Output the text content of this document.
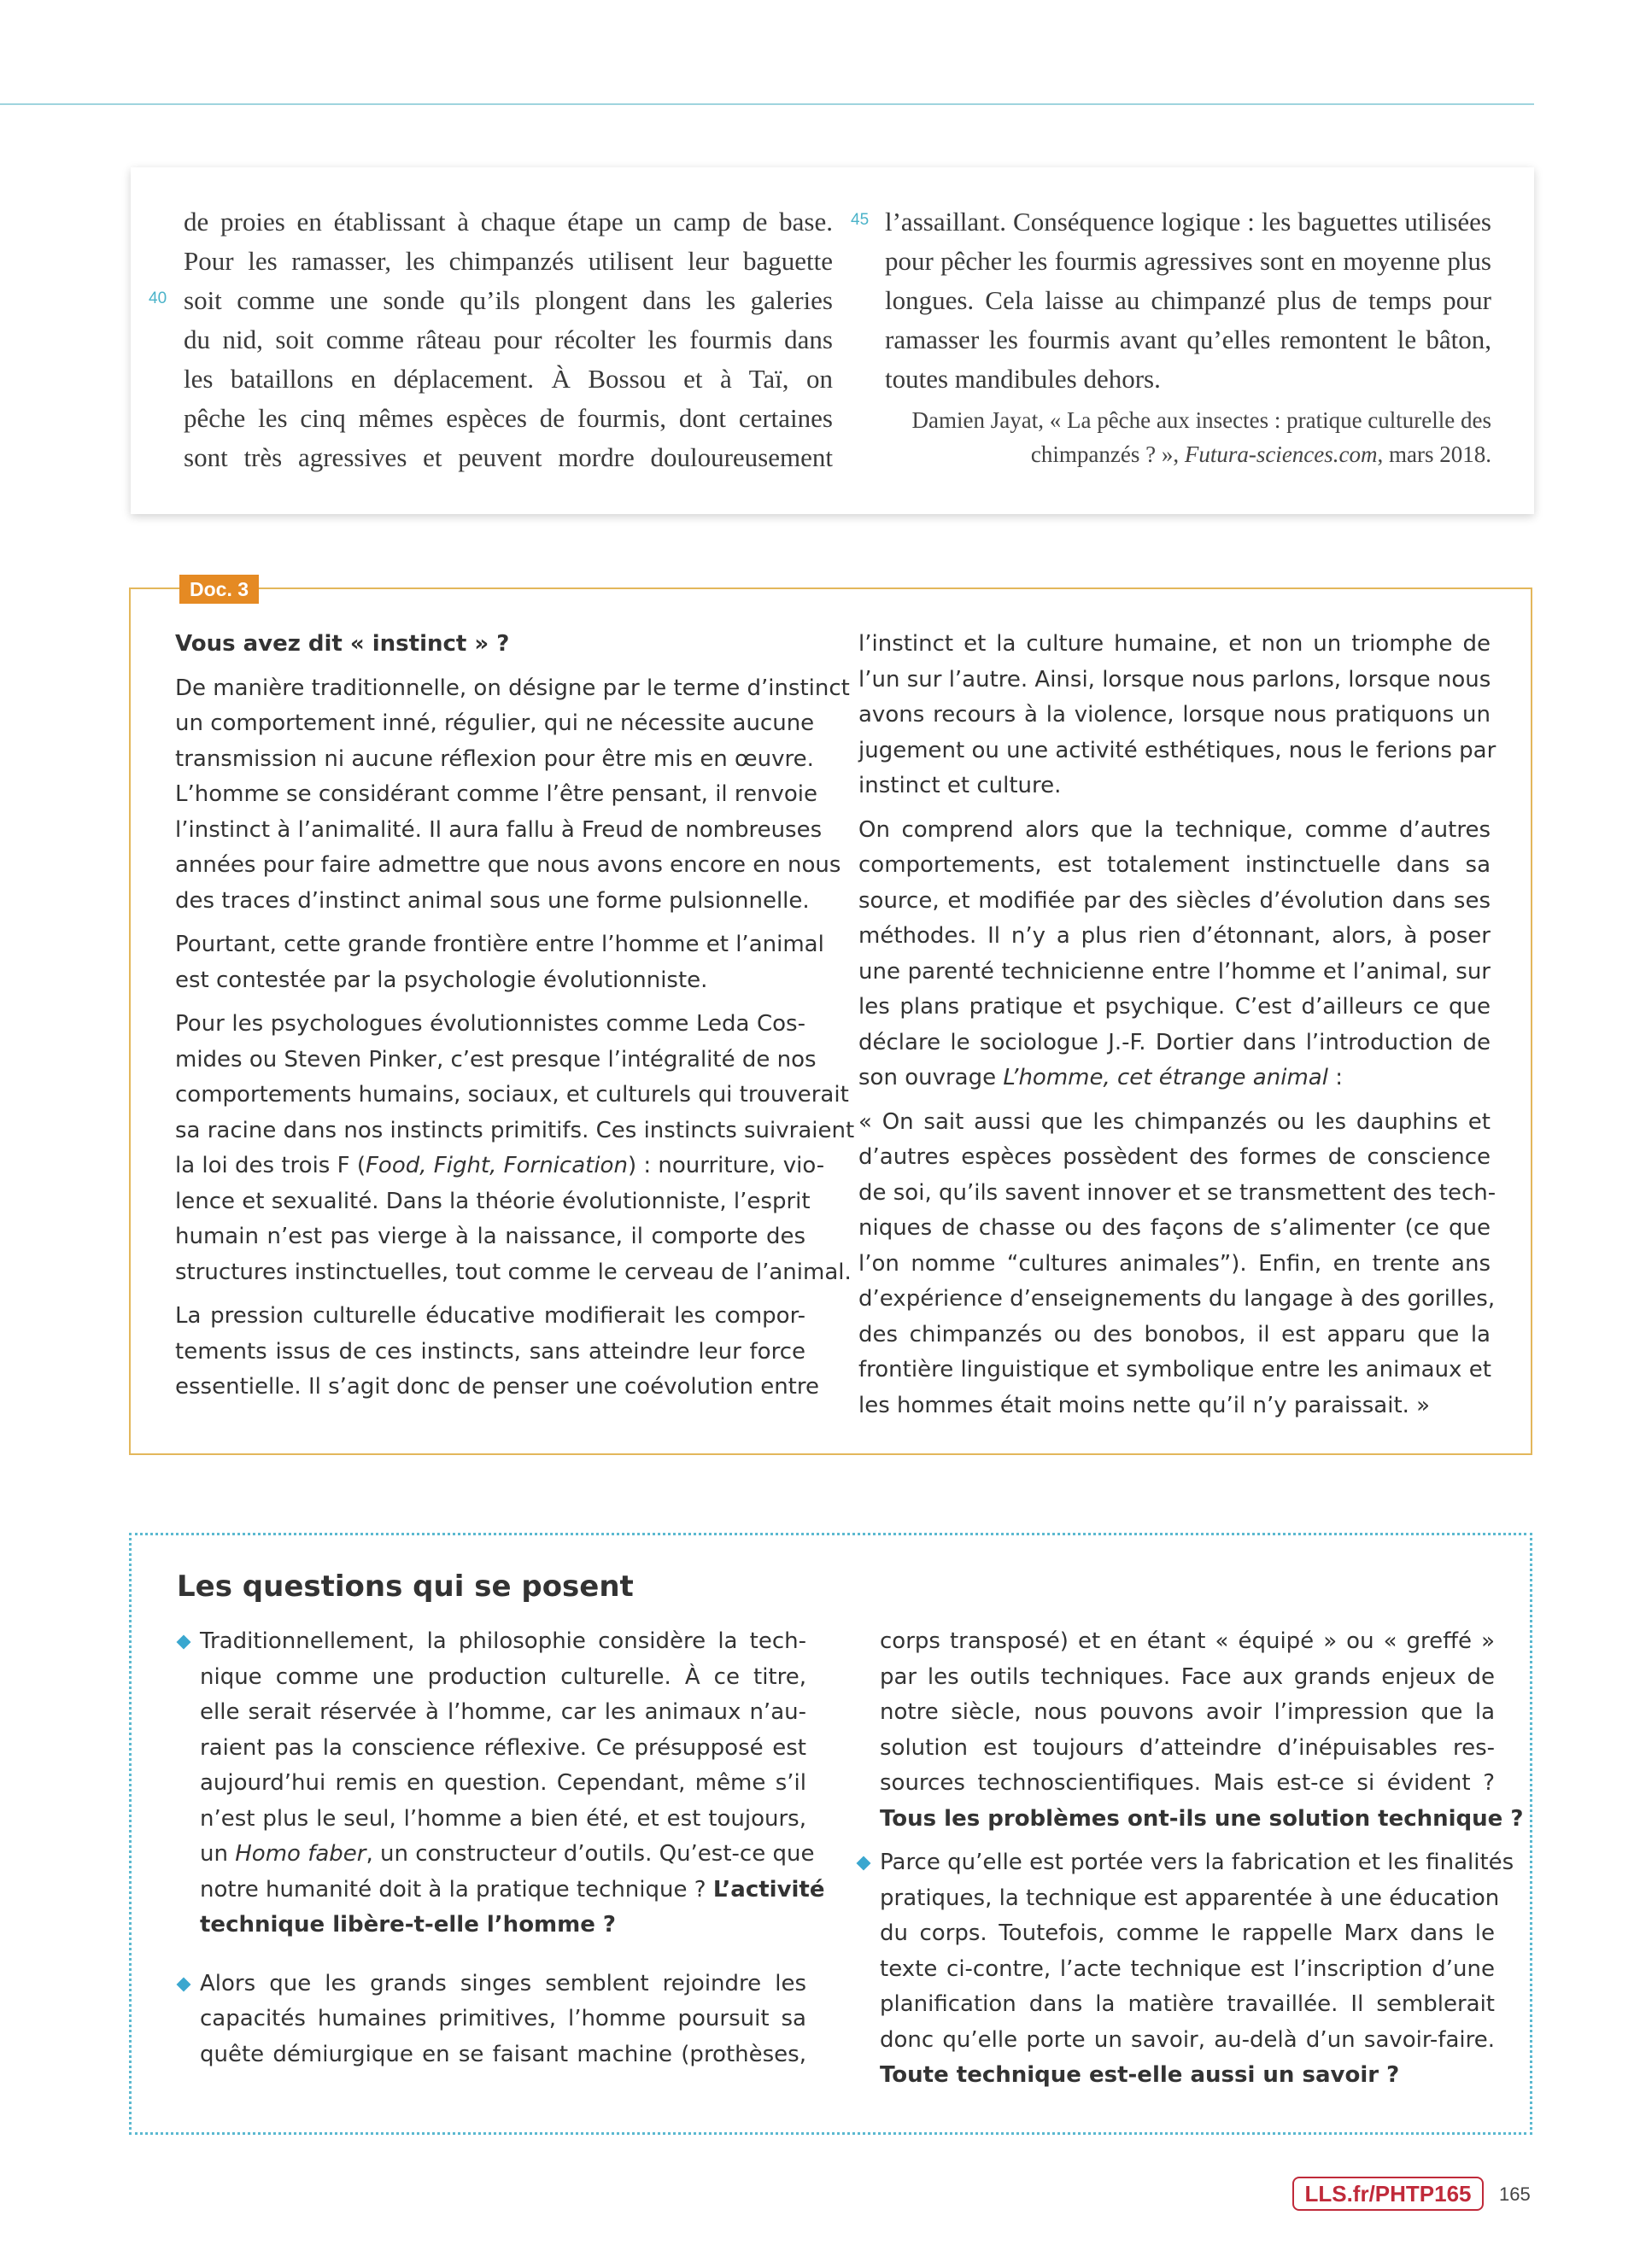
40
45
de proies en établissant à chaque étape un camp de base.
Pour les ramasser, les chimpanzés utilisent leur baguette
soit comme une sonde qu’ils plongent dans les galeries
du nid, soit comme râteau pour récolter les fourmis dans
les bataillons en déplacement. À Bossou et à Taï, on
pêche les cinq mêmes espèces de fourmis, dont certaines
sont très agressives et peuvent mordre douloureusement
l’assaillant. Conséquence logique : les baguettes utilisées
pour pêcher les fourmis agressives sont en moyenne plus
longues. Cela laisse au chimpanzé plus de temps pour
ramasser les fourmis avant qu’elles remontent le bâton,
toutes mandibules dehors.
Damien Jayat, « La pêche aux insectes : pratique culturelle des
chimpanzés ? », Futura-sciences.com, mars 2018.
Doc. 3
Vous avez dit « instinct » ?
De manière traditionnelle, on désigne par le terme d’instinct
un comportement inné, régulier, qui ne nécessite aucune
transmission ni aucune réflexion pour être mis en œuvre.
L’homme se considérant comme l’être pensant, il renvoie
l’instinct à l’animalité. Il aura fallu à Freud de nombreuses
années pour faire admettre que nous avons encore en nous
des traces d’instinct animal sous une forme pulsionnelle.
Pourtant, cette grande frontière entre l’homme et l’animal
est contestée par la psychologie évolutionniste.
Pour les psychologues évolutionnistes comme Leda Cos-
mides ou Steven Pinker, c’est presque l’intégralité de nos
comportements humains, sociaux, et culturels qui trouverait
sa racine dans nos instincts primitifs. Ces instincts suivraient
la loi des trois F (Food, Fight, Fornication) : nourriture, vio-
lence et sexualité. Dans la théorie évolutionniste, l’esprit
humain n’est pas vierge à la naissance, il comporte des
structures instinctuelles, tout comme le cerveau de l’animal.
La pression culturelle éducative modifierait les compor-
tements issus de ces instincts, sans atteindre leur force
essentielle. Il s’agit donc de penser une coévolution entre
l’instinct et la culture humaine, et non un triomphe de
l’un sur l’autre. Ainsi, lorsque nous parlons, lorsque nous
avons recours à la violence, lorsque nous pratiquons un
jugement ou une activité esthétiques, nous le ferions par
instinct et culture.
On comprend alors que la technique, comme d’autres
comportements, est totalement instinctuelle dans sa
source, et modifiée par des siècles d’évolution dans ses
méthodes. Il n’y a plus rien d’étonnant, alors, à poser
une parenté technicienne entre l’homme et l’animal, sur
les plans pratique et psychique. C’est d’ailleurs ce que
déclare le sociologue J.-F. Dortier dans l’introduction de
son ouvrage L’homme, cet étrange animal :
« On sait aussi que les chimpanzés ou les dauphins et
d’autres espèces possèdent des formes de conscience
de soi, qu’ils savent innover et se transmettent des tech-
niques de chasse ou des façons de s’alimenter (ce que
l’on nomme “cultures animales”). Enfin, en trente ans
d’expérience d’enseignements du langage à des gorilles,
des chimpanzés ou des bonobos, il est apparu que la
frontière linguistique et symbolique entre les animaux et
les hommes était moins nette qu’il n’y paraissait. »
Les questions qui se posent
Traditionnellement, la philosophie considère la tech-
nique comme une production culturelle. À ce titre,
elle serait réservée à l’homme, car les animaux n’au-
raient pas la conscience réflexive. Ce présupposé est
aujourd’hui remis en question. Cependant, même s’il
n’est plus le seul, l’homme a bien été, et est toujours,
un Homo faber, un constructeur d’outils. Qu’est-ce que
notre humanité doit à la pratique technique ? L’activité
technique libère-t-elle l’homme ?
Alors que les grands singes semblent rejoindre les
capacités humaines primitives, l’homme poursuit sa
quête démiurgique en se faisant machine (prothèses,
corps transposé) et en étant « équipé » ou « greffé »
par les outils techniques. Face aux grands enjeux de
notre siècle, nous pouvons avoir l’impression que la
solution est toujours d’atteindre d’inépuisables res-
sources technoscientifiques. Mais est-ce si évident ?
Tous les problèmes ont-ils une solution technique ?
Parce qu’elle est portée vers la fabrication et les finalités
pratiques, la technique est apparentée à une éducation
du corps. Toutefois, comme le rappelle Marx dans le
texte ci-contre, l’acte technique est l’inscription d’une
planification dans la matière travaillée. Il semblerait
donc qu’elle porte un savoir, au-delà d’un savoir-faire.
Toute technique est-elle aussi un savoir ?
LLS.fr/PHTP165	165
